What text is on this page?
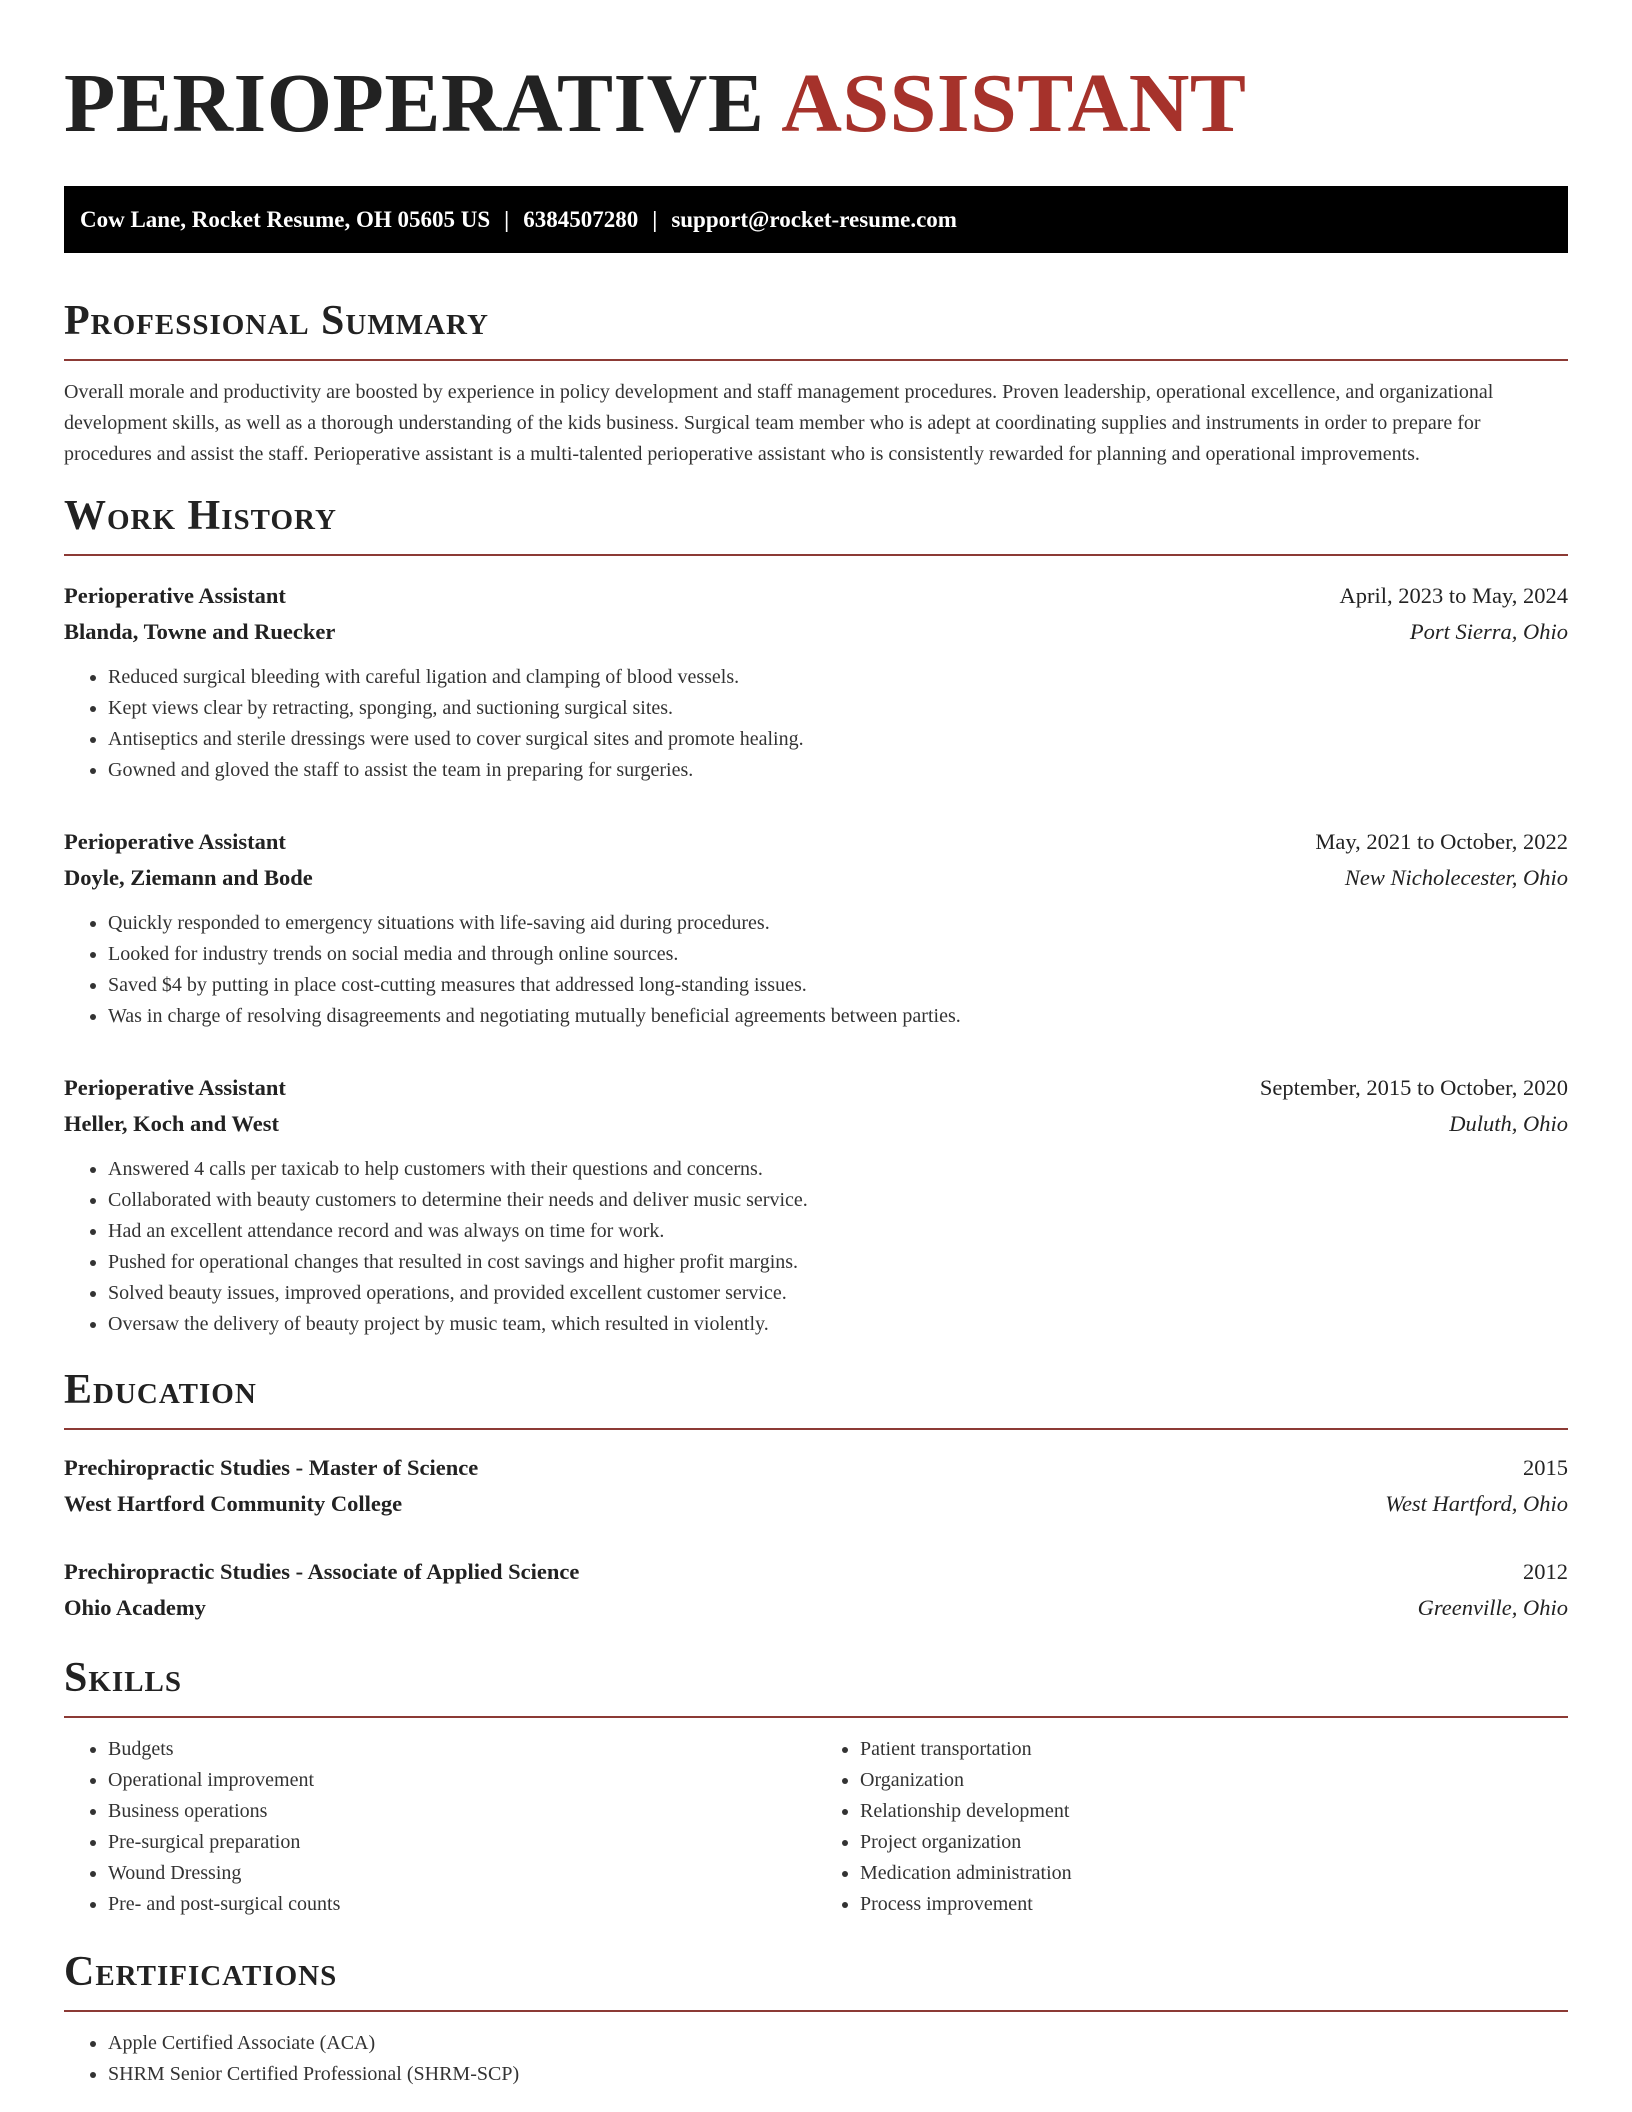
PERIOPERATIVE ASSISTANT
Cow Lane, Rocket Resume, OH 05605 US | 6384507280 | support@rocket-resume.com
Professional Summary

Overall morale and productivity are boosted by experience in policy development and staff management procedures. Proven leadership, operational excellence, and organizational development skills, as well as a thorough understanding of the kids business. Surgical team member who is adept at coordinating supplies and instruments in order to prepare for procedures and assist the staff. Perioperative assistant is a multi-talented perioperative assistant who is consistently rewarded for planning and operational improvements.

Work History
Perioperative Assistant	April, 2023 to May, 2024
Blanda, Towne and Ruecker	Port Sierra, Ohio
• Reduced surgical bleeding with careful ligation and clamping of blood vessels.
• Kept views clear by retracting, sponging, and suctioning surgical sites.
• Antiseptics and sterile dressings were used to cover surgical sites and promote healing.
• Gowned and gloved the staff to assist the team in preparing for surgeries.
Perioperative Assistant	May, 2021 to October, 2022
Doyle, Ziemann and Bode	New Nicholecester, Ohio
• Quickly responded to emergency situations with life-saving aid during procedures.
• Looked for industry trends on social media and through online sources.
• Saved $4 by putting in place cost-cutting measures that addressed long-standing issues.
• Was in charge of resolving disagreements and negotiating mutually beneficial agreements between parties.
Perioperative Assistant	September, 2015 to October, 2020
Heller, Koch and West	Duluth, Ohio
• Answered 4 calls per taxicab to help customers with their questions and concerns.
• Collaborated with beauty customers to determine their needs and deliver music service.
• Had an excellent attendance record and was always on time for work.
• Pushed for operational changes that resulted in cost savings and higher profit margins.
• Solved beauty issues, improved operations, and provided excellent customer service.
• Oversaw the delivery of beauty project by music team, which resulted in violently.
Education
Prechiropractic Studies - Master of Science	2015
West Hartford Community College	West Hartford, Ohio
Prechiropractic Studies - Associate of Applied Science	2012
Ohio Academy	Greenville, Ohio
Skills
• Budgets
• Operational improvement
• Business operations
• Pre-surgical preparation
• Wound Dressing
• Pre- and post-surgical counts
• Patient transportation
• Organization
• Relationship development
• Project organization
• Medication administration
• Process improvement
Certifications
• Apple Certified Associate (ACA)
• SHRM Senior Certified Professional (SHRM-SCP)
